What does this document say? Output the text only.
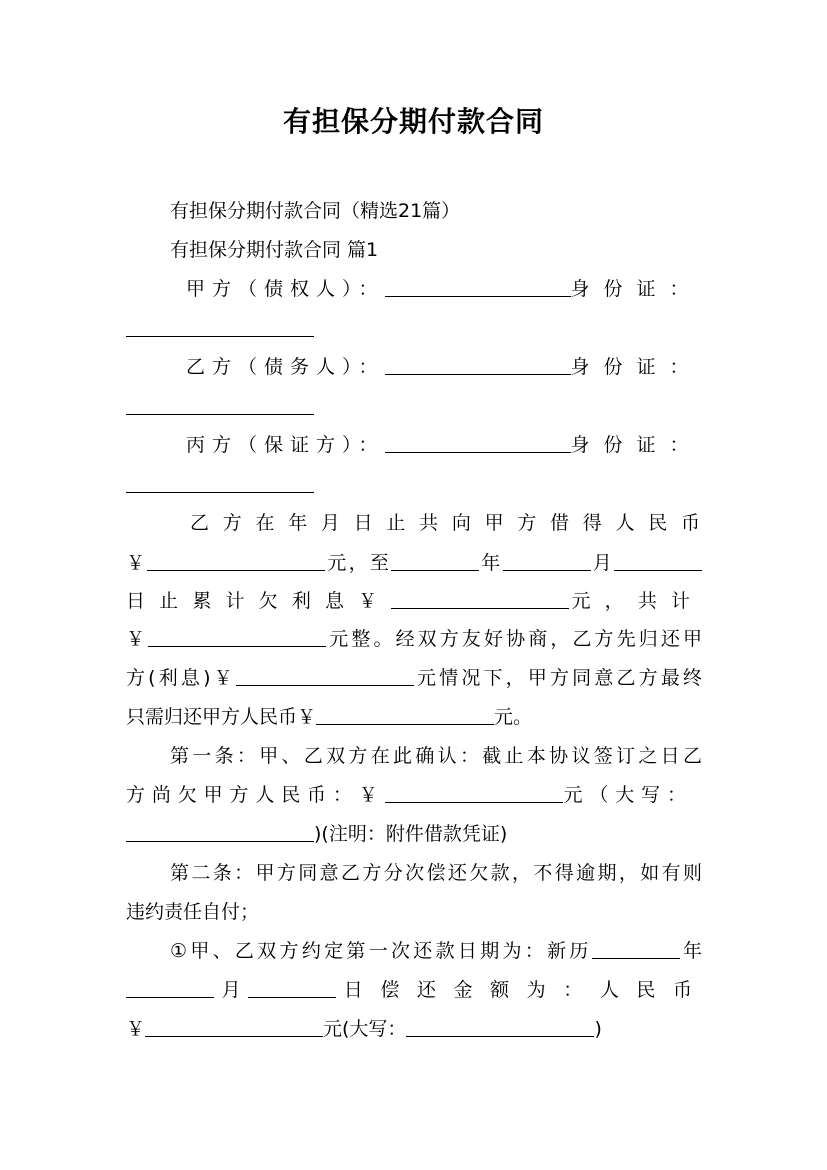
有担保分期付款合同
有担保分期付款合同（精选21篇）
有担保分期付款合同 篇1
甲方（债权人）：	身份证：
乙方（债务人）：	身份证：
丙方（保证方）：	身份证：
乙方在年月日止共向甲方借得人民币
￥	元，至	年	月
日止累计欠利息￥	元，共计
￥	元整。经双方友好协商，乙方先归还甲
方(利息)￥	元情况下，甲方同意乙方最终
只需归还甲方人民币￥	元。
第一条：甲、乙双方在此确认：截止本协议签订之日乙
方尚欠甲方人民币：￥	元（大写：
)(注明：附件借款凭证)
第二条：甲方同意乙方分次偿还欠款，不得逾期，如有则
违约责任自付；
①甲、乙双方约定第一次还款日期为：新历	年
月	日偿还金额为：人民币
￥	元(大写：	)
